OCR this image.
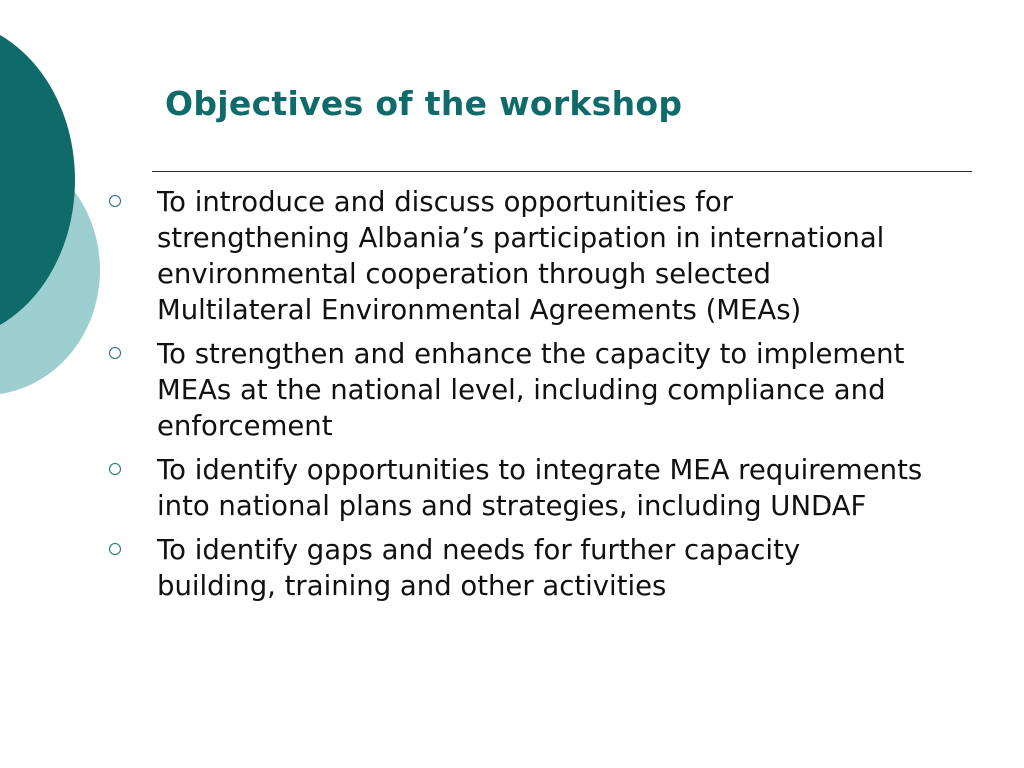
Objectives of the workshop
To introduce and discuss opportunities for strengthening Albania’s participation in international environmental cooperation through selected Multilateral Environmental Agreements (MEAs)
To strengthen and enhance the capacity to implement MEAs at the national level, including compliance and enforcement
To identify opportunities to integrate MEA requirements into national plans and strategies, including UNDAF
To identify gaps and needs for further capacity building, training and other activities
